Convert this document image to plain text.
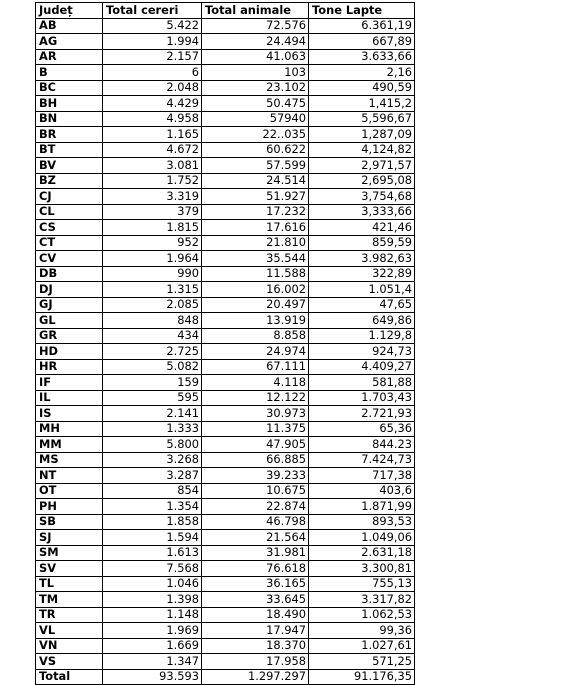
Județ	Total cereri	Total animale	Tone Lapte
AB	5.422	72.576	6.361,19
AG	1.994	24.494	667,89
AR	2.157	41.063	3.633,66
B	6	103	2,16
BC	2.048	23.102	490,59
BH	4.429	50.475	1,415,2
BN	4.958	57940	5,596,67
BR	1.165	22..035	1,287,09
BT	4.672	60.622	4,124,82
BV	3.081	57.599	2,971,57
BZ	1.752	24.514	2,695,08
CJ	3.319	51.927	3,754,68
CL	379	17.232	3,333,66
CS	1.815	17.616	421,46
CT	952	21.810	859,59
CV	1.964	35.544	3.982,63
DB	990	11.588	322,89
DJ	1.315	16.002	1.051,4
GJ	2.085	20.497	47,65
GL	848	13.919	649,86
GR	434	8.858	1.129,8
HD	2.725	24.974	924,73
HR	5.082	67.111	4.409,27
IF	159	4.118	581,88
IL	595	12.122	1.703,43
IS	2.141	30.973	2.721,93
MH	1.333	11.375	65,36
MM	5.800	47.905	844.23
MS	3.268	66.885	7.424,73
NT	3.287	39.233	717,38
OT	854	10.675	403,6
PH	1.354	22.874	1.871,99
SB	1.858	46.798	893,53
SJ	1.594	21.564	1.049,06
SM	1.613	31.981	2.631,18
SV	7.568	76.618	3.300,81
TL	1.046	36.165	755,13
TM	1.398	33.645	3.317,82
TR	1.148	18.490	1.062,53
VL	1.969	17.947	99,36
VN	1.669	18.370	1.027,61
VS	1.347	17.958	571,25
Total	93.593	1.297.297	91.176,35
